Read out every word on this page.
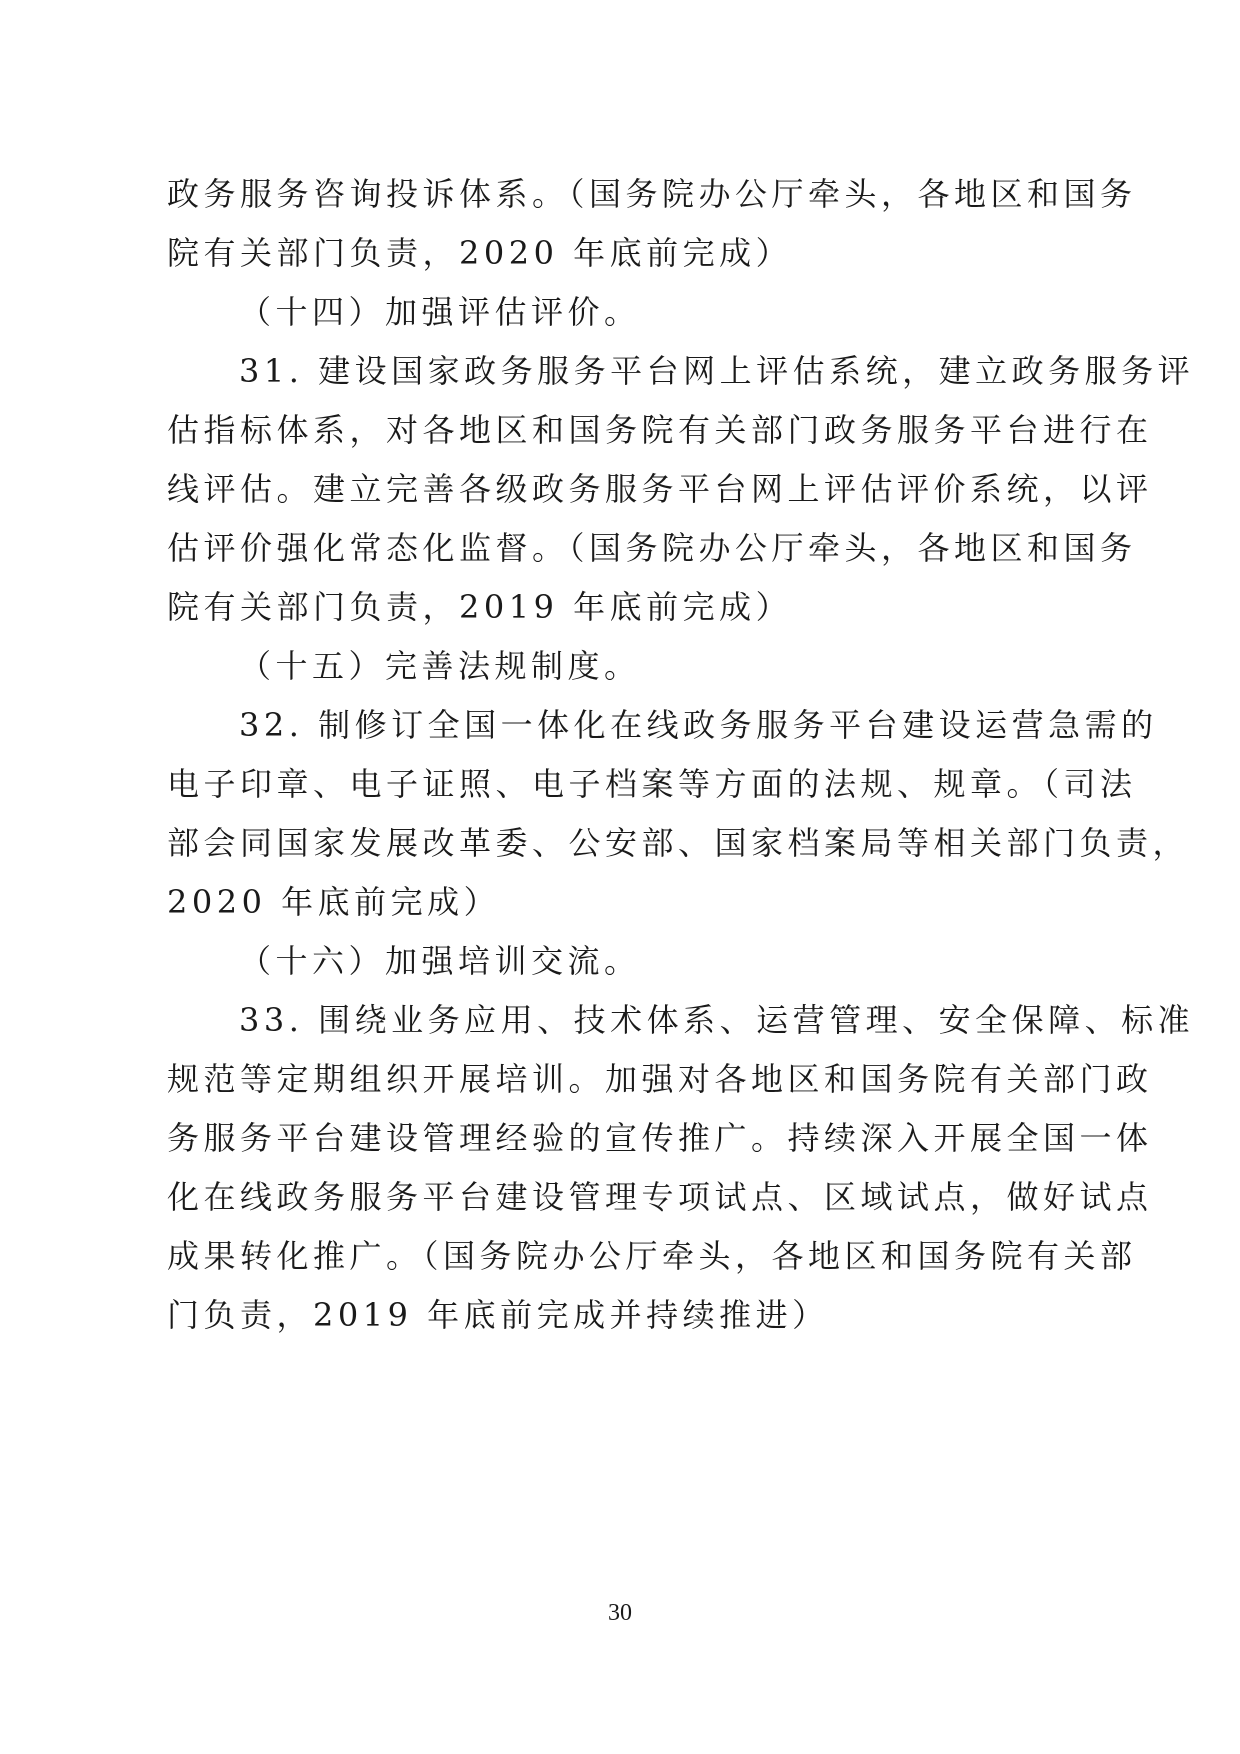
政务服务咨询投诉体系。（国务院办公厅牵头，各地区和国务
院有关部门负责，2020 年底前完成）
（十四）加强评估评价。
31. 建设国家政务服务平台网上评估系统，建立政务服务评
估指标体系，对各地区和国务院有关部门政务服务平台进行在
线评估。建立完善各级政务服务平台网上评估评价系统，以评
估评价强化常态化监督。（国务院办公厅牵头，各地区和国务
院有关部门负责，2019 年底前完成）
（十五）完善法规制度。
32. 制修订全国一体化在线政务服务平台建设运营急需的
电子印章、电子证照、电子档案等方面的法规、规章。（司法
部会同国家发展改革委、公安部、国家档案局等相关部门负责，
2020 年底前完成）
（十六）加强培训交流。
33. 围绕业务应用、技术体系、运营管理、安全保障、标准
规范等定期组织开展培训。加强对各地区和国务院有关部门政
务服务平台建设管理经验的宣传推广。持续深入开展全国一体
化在线政务服务平台建设管理专项试点、区域试点，做好试点
成果转化推广。（国务院办公厅牵头，各地区和国务院有关部
门负责，2019 年底前完成并持续推进）
30
